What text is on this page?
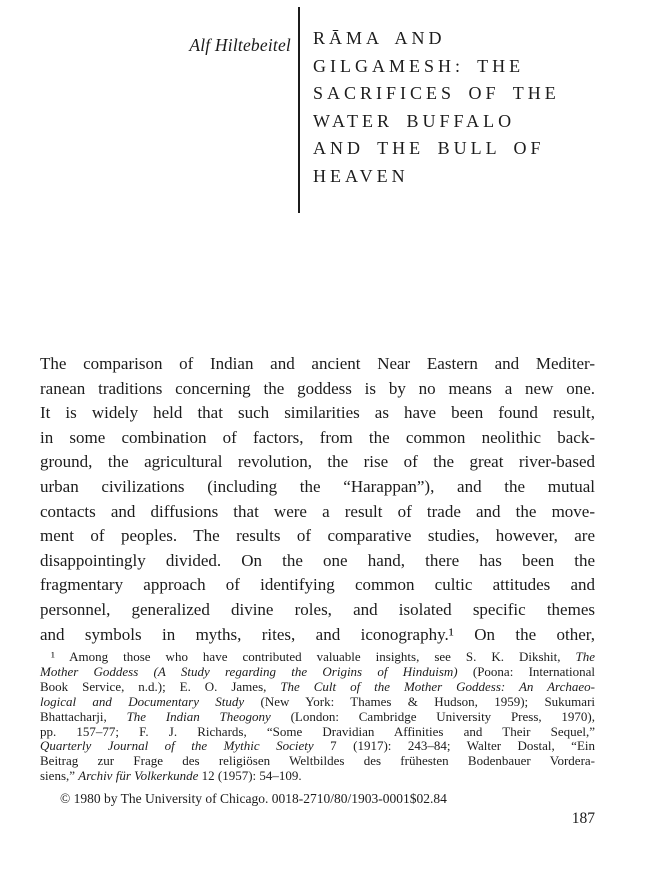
Alf Hiltebeitel RĀMA AND
GILGAMESH: THE
SACRIFICES OF THE
WATER BUFFALO
AND THE BULL OF
HEAVEN
The comparison of Indian and ancient Near Eastern and Mediter-
ranean traditions concerning the goddess is by no means a new one.
It is widely held that such similarities as have been found result,
in some combination of factors, from the common neolithic back-
ground, the agricultural revolution, the rise of the great river-based
urban civilizations (including the “Harappan”), and the mutual
contacts and diffusions that were a result of trade and the move-
ment of peoples. The results of comparative studies, however, are
disappointingly divided. On the one hand, there has been the
fragmentary approach of identifying common cultic attitudes and
personnel, generalized divine roles, and isolated specific themes
and symbols in myths, rites, and iconography.¹ On the other,
¹ Among those who have contributed valuable insights, see S. K. Dikshit, The
Mother Goddess (A Study regarding the Origins of Hinduism) (Poona: International
Book Service, n.d.); E. O. James, The Cult of the Mother Goddess: An Archaeo-
logical and Documentary Study (New York: Thames & Hudson, 1959); Sukumari
Bhattacharji, The Indian Theogony (London: Cambridge University Press, 1970),
pp. 157–77; F. J. Richards, “Some Dravidian Affinities and Their Sequel,”
Quarterly Journal of the Mythic Society 7 (1917): 243–84; Walter Dostal, “Ein
Beitrag zur Frage des religiösen Weltbildes des frühesten Bodenbauer Vordera-
siens,” Archiv für Volkerkunde 12 (1957): 54–109.
© 1980 by The University of Chicago. 0018-2710/80/1903-0001$02.84
187
